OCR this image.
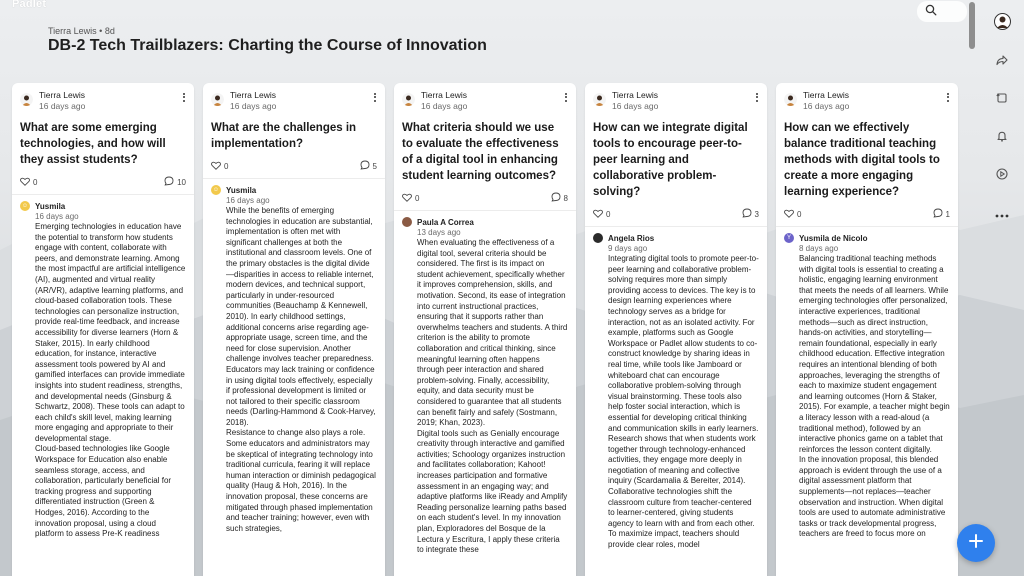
Padlet
Tierra Lewis • 8d
DB-2 Tech Trailblazers: Charting the Course of Innovation
Tierra Lewis
16 days ago
What are some emerging technologies, and how will they assist students?
0	10
☺ Yusmila
16 days ago
Emerging technologies in education have the potential to transform how students engage with content, collaborate with peers, and demonstrate learning. Among the most impactful are artificial intelligence (AI), augmented and virtual reality (AR/VR), adaptive learning platforms, and cloud-based collaboration tools. These technologies can personalize instruction, provide real-time feedback, and increase accessibility for diverse learners (Horn & Staker, 2015). In early childhood education, for instance, interactive assessment tools powered by AI and gamified interfaces can provide immediate insights into student readiness, strengths, and developmental needs (Ginsburg & Schwartz, 2008). These tools can adapt to each child's skill level, making learning more engaging and appropriate to their developmental stage.
Cloud-based technologies like Google Workspace for Education also enable seamless storage, access, and collaboration, particularly beneficial for tracking progress and supporting differentiated instruction (Green & Hodges, 2016). According to the innovation proposal, using a cloud platform to assess Pre-K readiness
Tierra Lewis
16 days ago
What are the challenges in implementation?
0	5
☺ Yusmila
16 days ago
While the benefits of emerging technologies in education are substantial, implementation is often met with significant challenges at both the institutional and classroom levels. One of the primary obstacles is the digital divide—disparities in access to reliable internet, modern devices, and technical support, particularly in under-resourced communities (Beauchamp & Kennewell, 2010). In early childhood settings, additional concerns arise regarding age-appropriate usage, screen time, and the need for close supervision. Another challenge involves teacher preparedness. Educators may lack training or confidence in using digital tools effectively, especially if professional development is limited or not tailored to their specific classroom needs (Darling-Hammond & Cook-Harvey, 2018).
Resistance to change also plays a role. Some educators and administrators may be skeptical of integrating technology into traditional curricula, fearing it will replace human interaction or diminish pedagogical quality (Haug & Hoh, 2016). In the innovation proposal, these concerns are mitigated through phased implementation and teacher training; however, even with such strategies,
Tierra Lewis
16 days ago
What criteria should we use to evaluate the effectiveness of a digital tool in enhancing student learning outcomes?
0	8
Paula A Correa
13 days ago
When evaluating the effectiveness of a digital tool, several criteria should be considered. The first is its impact on student achievement, specifically whether it improves comprehension, skills, and motivation. Second, its ease of integration into current instructional practices, ensuring that it supports rather than overwhelms teachers and students. A third criterion is the ability to promote collaboration and critical thinking, since meaningful learning often happens through peer interaction and shared problem-solving. Finally, accessibility, equity, and data security must be considered to guarantee that all students can benefit fairly and safely (Sostmann, 2019; Khan, 2023).
Digital tools such as Genially encourage creativity through interactive and gamified activities; Schoology organizes instruction and facilitates collaboration; Kahoot! increases participation and formative assessment in an engaging way; and adaptive platforms like iReady and Amplify Reading personalize learning paths based on each student's level. In my innovation plan, Exploradores del Bosque de la Lectura y Escritura, I apply these criteria to integrate these
Tierra Lewis
16 days ago
How can we integrate digital tools to encourage peer-to-peer learning and collaborative problem-solving?
0	3
Angela Rios
9 days ago
Integrating digital tools to promote peer-to-peer learning and collaborative problem-solving requires more than simply providing access to devices. The key is to design learning experiences where technology serves as a bridge for interaction, not as an isolated activity. For example, platforms such as Google Workspace or Padlet allow students to co-construct knowledge by sharing ideas in real time, while tools like Jamboard or whiteboard chat can encourage collaborative problem-solving through visual brainstorming. These tools also help foster social interaction, which is essential for developing critical thinking and communication skills in early learners.
Research shows that when students work together through technology-enhanced activities, they engage more deeply in negotiation of meaning and collective inquiry (Scardamalia & Bereiter, 2014). Collaborative technologies shift the classroom culture from teacher-centered to learner-centered, giving students agency to learn with and from each other. To maximize impact, teachers should provide clear roles, model
Tierra Lewis
16 days ago
How can we effectively balance traditional teaching methods with digital tools to create a more engaging learning experience?
0	1
Y	Yusmila de Nicolo
8 days ago
Balancing traditional teaching methods with digital tools is essential to creating a holistic, engaging learning environment that meets the needs of all learners. While emerging technologies offer personalized, interactive experiences, traditional methods—such as direct instruction, hands-on activities, and storytelling—remain foundational, especially in early childhood education. Effective integration requires an intentional blending of both approaches, leveraging the strengths of each to maximize student engagement and learning outcomes (Horn & Staker, 2015). For example, a teacher might begin a literacy lesson with a read-aloud (a traditional method), followed by an interactive phonics game on a tablet that reinforces the lesson content digitally.
In the innovation proposal, this blended approach is evident through the use of a digital assessment platform that supplements—not replaces—teacher observation and instruction. When digital tools are used to automate administrative tasks or track developmental progress, teachers are freed to focus more on
